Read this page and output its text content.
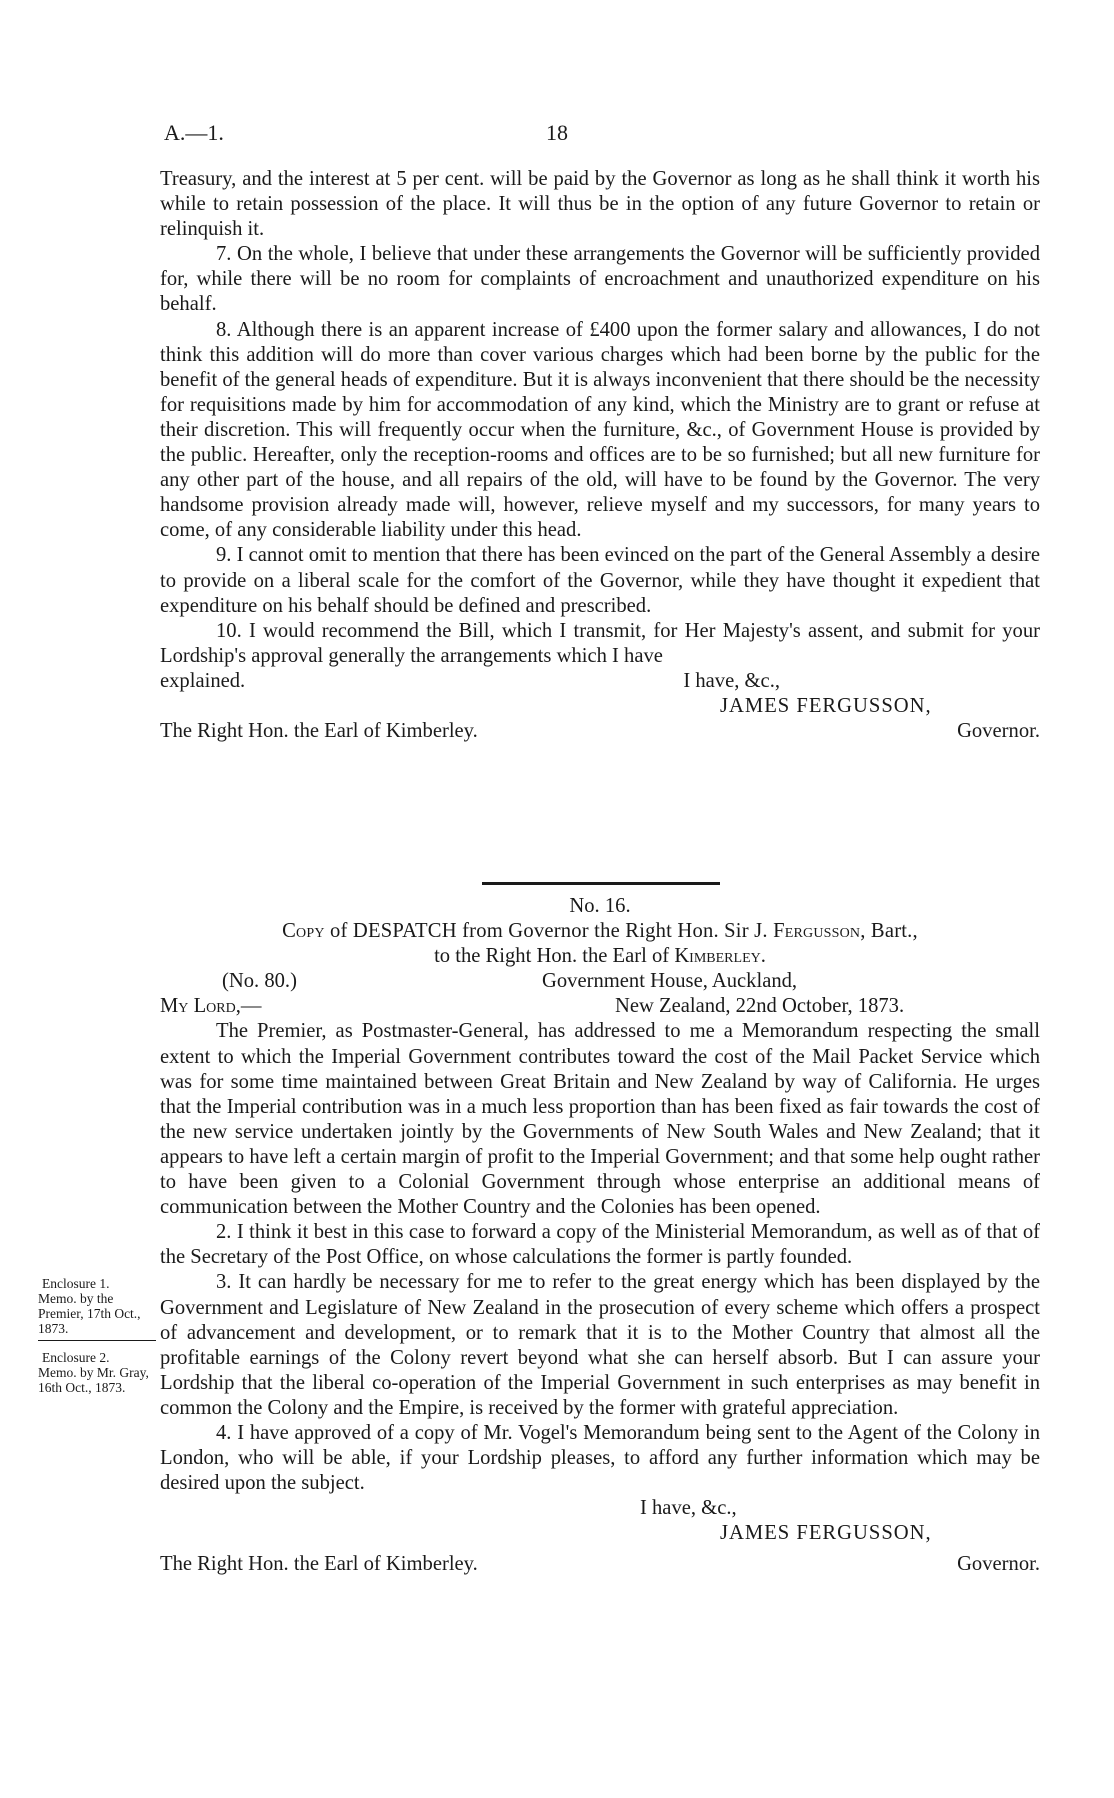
A.—1.	18

Treasury, and the interest at 5 per cent. will be paid by the Governor as long as he shall think it worth his while to retain possession of the place. It will thus be in the option of any future Governor to retain or relinquish it.

7. On the whole, I believe that under these arrangements the Governor will be sufficiently provided for, while there will be no room for complaints of encroachment and unauthorized expenditure on his behalf.

8. Although there is an apparent increase of £400 upon the former salary and allowances, I do not think this addition will do more than cover various charges which had been borne by the public for the benefit of the general heads of expenditure. But it is always inconvenient that there should be the necessity for requisitions made by him for accommodation of any kind, which the Ministry are to grant or refuse at their discretion. This will frequently occur when the furniture, &c., of Government House is provided by the public. Hereafter, only the reception-rooms and offices are to be so furnished; but all new furniture for any other part of the house, and all repairs of the old, will have to be found by the Governor. The very handsome provision already made will, however, relieve myself and my successors, for many years to come, of any considerable liability under this head.

9. I cannot omit to mention that there has been evinced on the part of the General Assembly a desire to provide on a liberal scale for the comfort of the Governor, while they have thought it expedient that expenditure on his behalf should be defined and prescribed.

10. I would recommend the Bill, which I transmit, for Her Majesty's assent, and submit for your Lordship's approval generally the arrangements which I have

explained.	I have, &c.,
JAMES FERGUSSON,
The Right Hon. the Earl of Kimberley.	Governor.
No. 16.
Copy of DESPATCH from Governor the Right Hon. Sir J. Fergusson, Bart.,
to the Right Hon. the Earl of Kimberley.
(No. 80.)	Government House, Auckland,
My Lord,—	New Zealand, 22nd October, 1873.

The Premier, as Postmaster-General, has addressed to me a Memorandum respecting the small extent to which the Imperial Government contributes toward the cost of the Mail Packet Service which was for some time maintained between Great Britain and New Zealand by way of California. He urges that the Imperial contribution was in a much less proportion than has been fixed as fair towards the cost of the new service undertaken jointly by the Governments of New South Wales and New Zealand; that it appears to have left a certain margin of profit to the Imperial Government; and that some help ought rather to have been given to a Colonial Government through whose enterprise an additional means of communication between the Mother Country and the Colonies has been opened.

2. I think it best in this case to forward a copy of the Ministerial Memorandum, as well as of that of the Secretary of the Post Office, on whose calculations the former is partly founded.

3. It can hardly be necessary for me to refer to the great energy which has been displayed by the Government and Legislature of New Zealand in the prosecution of every scheme which offers a prospect of advancement and development, or to remark that it is to the Mother Country that almost all the profitable earnings of the Colony revert beyond what she can herself absorb. But I can assure your Lordship that the liberal co-operation of the Imperial Government in such enterprises as may benefit in common the Colony and the Empire, is received by the former with grateful appreciation.

4. I have approved of a copy of Mr. Vogel's Memorandum being sent to the Agent of the Colony in London, who will be able, if your Lordship pleases, to afford any further information which may be desired upon the subject.

I have, &c.,
JAMES FERGUSSON,
The Right Hon. the Earl of Kimberley.	Governor.
Enclosure 1.
Memo. by the Premier, 17th Oct., 1873.
Enclosure 2.
Memo. by Mr. Gray, 16th Oct., 1873.
